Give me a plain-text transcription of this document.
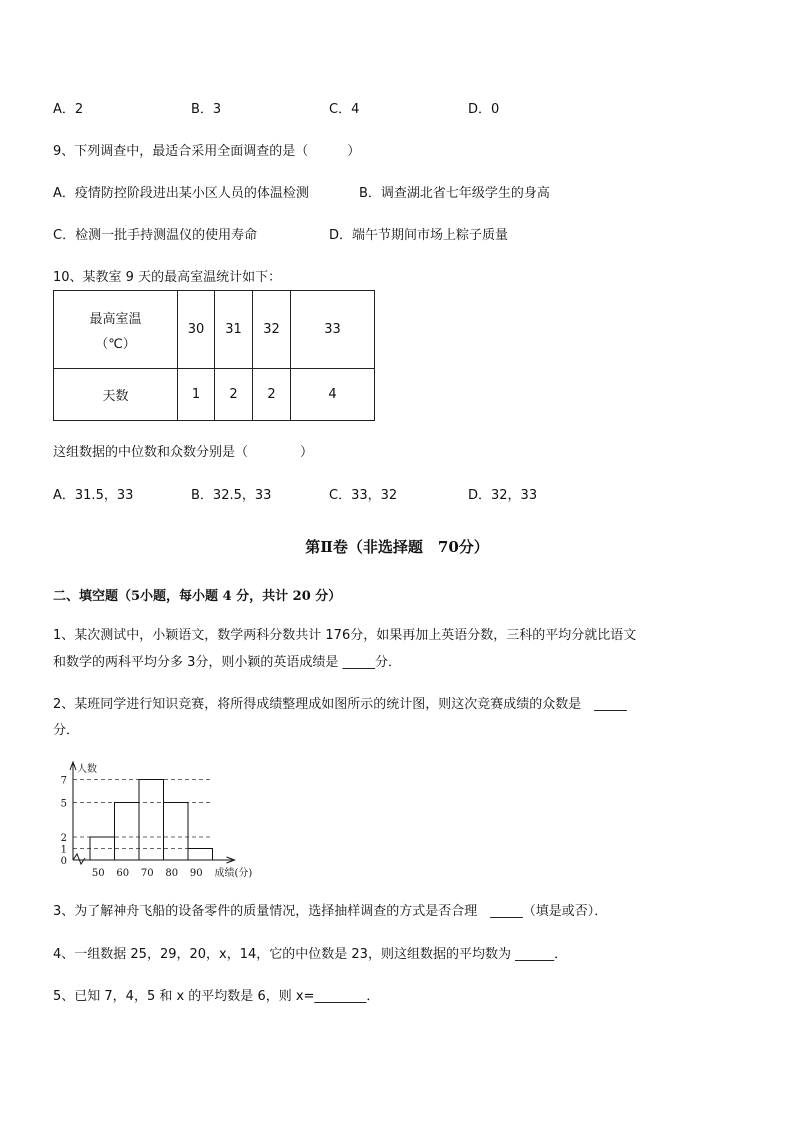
A．2	B．3	C．4	D．0
9、下列调查中，最适合采用全面调查的是（　　　）
A．疫情防控阶段进出某小区人员的体温检测	B．调查湖北省七年级学生的身高
C．检测一批手持测温仪的使用寿命	D．端午节期间市场上粽子质量
10、某教室 9 天的最高室温统计如下：
最高室温
（℃）	30	31	32	33
天数	1	2	2	4
这组数据的中位数和众数分别是（　　　　）
A．31.5，33	B．32.5，33	C．33，32	D．32，33
第Ⅱ卷（非选择题　70分）
二、填空题（5小题，每小题 4 分，共计 20 分）
1、某次测试中，小颖语文，数学两科分数共计 176分，如果再加上英语分数，三科的平均分就比语文
和数学的两科平均分多 3分，则小颖的英语成绩是 _____分．
2、某班同学进行知识竞赛，将所得成绩整理成如图所示的统计图，则这次竞赛成绩的众数是　_____
分．
0
1
2
5
7
50 60 70 80 90
人数
成绩(分)
3、为了解神舟飞船的设备零件的质量情况，选择抽样调查的方式是否合理　_____（填是或否）．
4、一组数据 25，29，20，x，14，它的中位数是 23，则这组数据的平均数为 ______．
5、已知 7，4，5 和 x 的平均数是 6，则 x=________．
